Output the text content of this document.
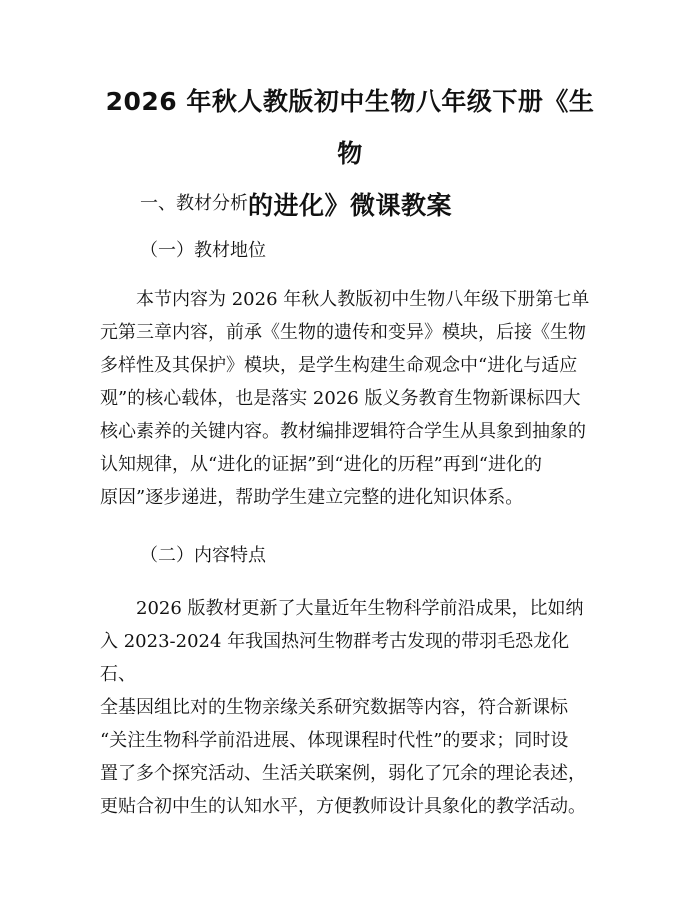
2026 年秋人教版初中生物八年级下册《生物
的进化》微课教案

一、教材分析

（一）教材地位

　　本节内容为 2026 年秋人教版初中生物八年级下册第七单
元第三章内容，前承《生物的遗传和变异》模块，后接《生物
多样性及其保护》模块，是学生构建生命观念中“进化与适应
观”的核心载体，也是落实 2026 版义务教育生物新课标四大
核心素养的关键内容。教材编排逻辑符合学生从具象到抽象的
认知规律，从“进化的证据”到“进化的历程”再到“进化的
原因”逐步递进，帮助学生建立完整的进化知识体系。

（二）内容特点

　　2026 版教材更新了大量近年生物科学前沿成果，比如纳
入 2023-2024 年我国热河生物群考古发现的带羽毛恐龙化石、
全基因组比对的生物亲缘关系研究数据等内容，符合新课标
“关注生物科学前沿进展、体现课程时代性”的要求；同时设
置了多个探究活动、生活关联案例，弱化了冗余的理论表述，
更贴合初中生的认知水平，方便教师设计具象化的教学活动。
